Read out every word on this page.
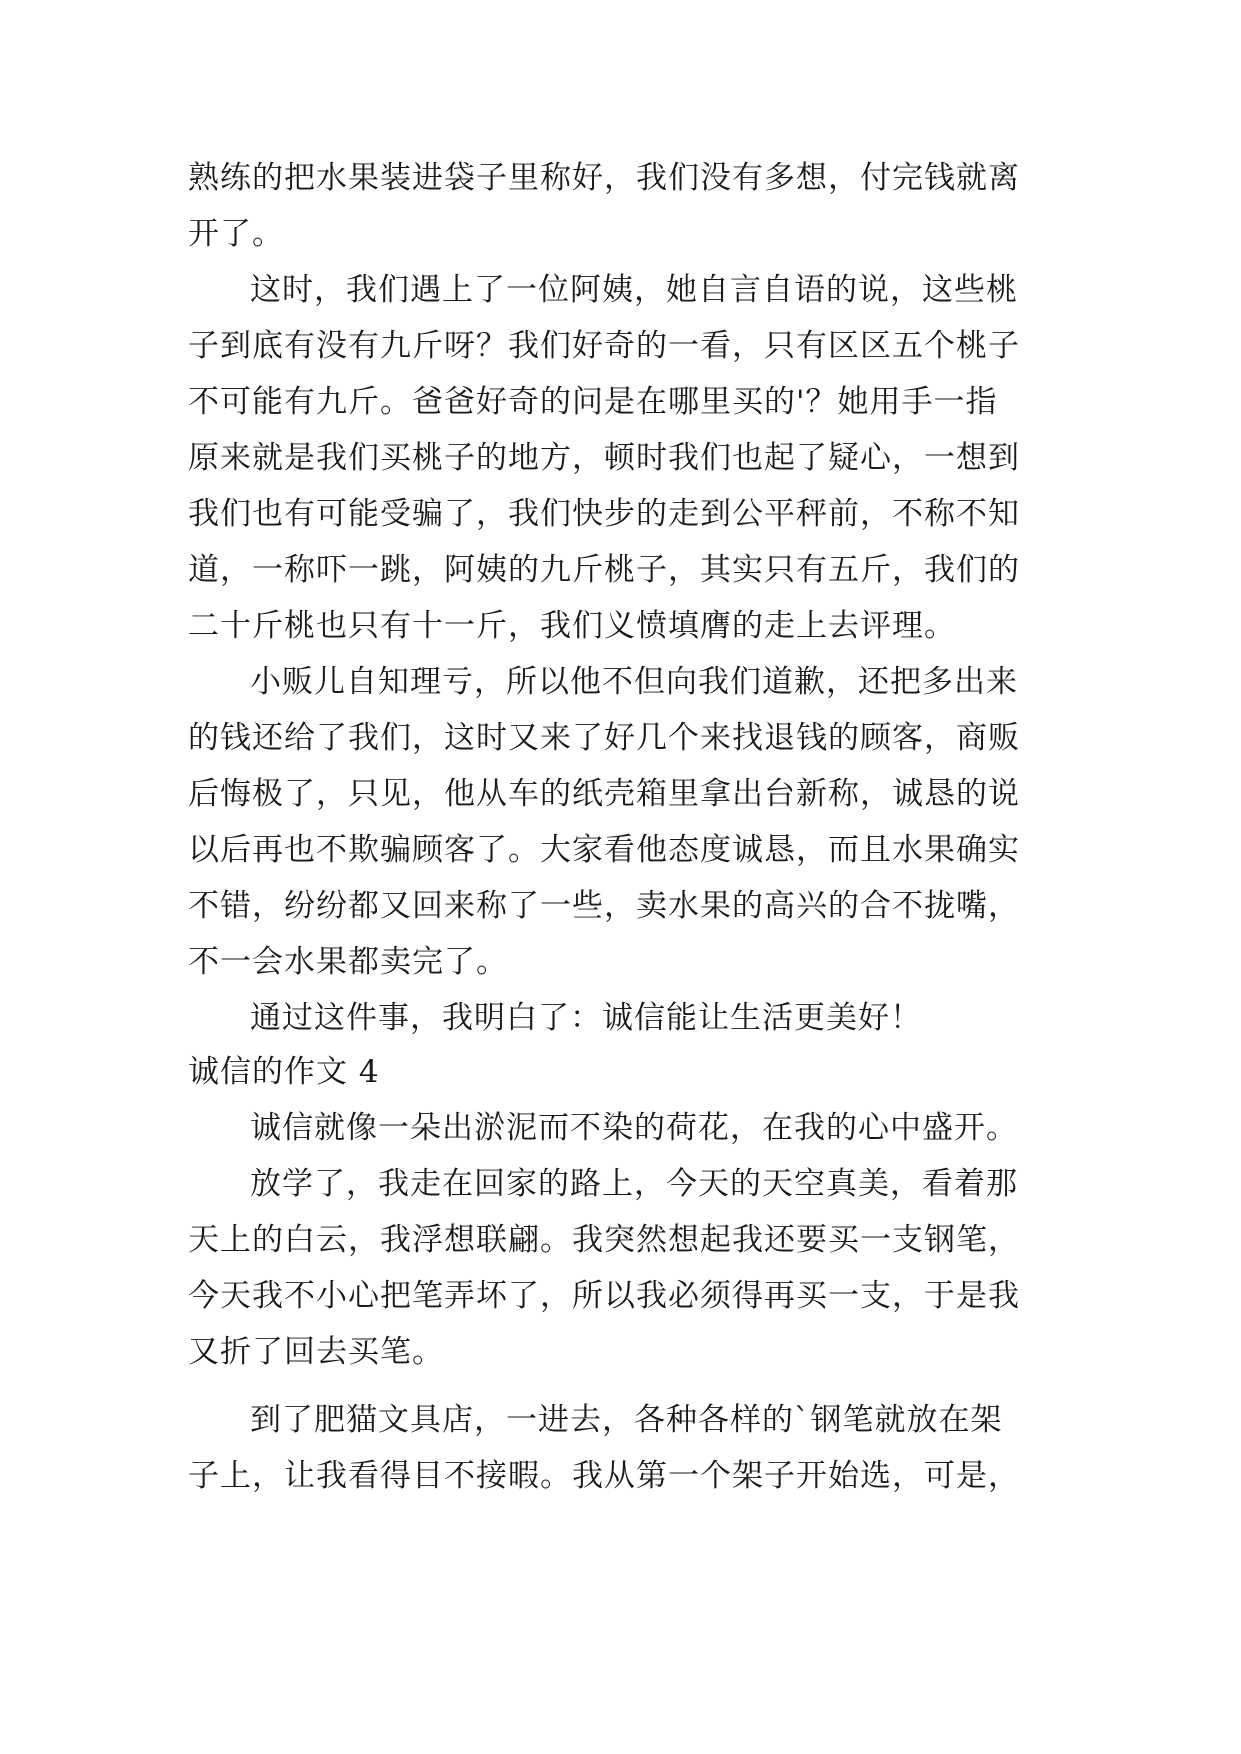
熟练的把水果装进袋子里称好，我们没有多想，付完钱就离
开了。
这时，我们遇上了一位阿姨，她自言自语的说，这些桃
子到底有没有九斤呀？我们好奇的一看，只有区区五个桃子
不可能有九斤。爸爸好奇的问是在哪里买的'？她用手一指
原来就是我们买桃子的地方，顿时我们也起了疑心，一想到
我们也有可能受骗了，我们快步的走到公平秤前，不称不知
道，一称吓一跳，阿姨的九斤桃子，其实只有五斤，我们的
二十斤桃也只有十一斤，我们义愤填膺的走上去评理。
小贩儿自知理亏，所以他不但向我们道歉，还把多出来
的钱还给了我们，这时又来了好几个来找退钱的顾客，商贩
后悔极了，只见，他从车的纸壳箱里拿出台新称，诚恳的说
以后再也不欺骗顾客了。大家看他态度诚恳，而且水果确实
不错，纷纷都又回来称了一些，卖水果的高兴的合不拢嘴，
不一会水果都卖完了。
通过这件事，我明白了：诚信能让生活更美好！
诚信的作文 4
诚信就像一朵出淤泥而不染的荷花，在我的心中盛开。
放学了，我走在回家的路上，今天的天空真美，看着那
天上的白云，我浮想联翩。我突然想起我还要买一支钢笔，
今天我不小心把笔弄坏了，所以我必须得再买一支，于是我
又折了回去买笔。
到了肥猫文具店，一进去，各种各样的`钢笔就放在架
子上，让我看得目不接暇。我从第一个架子开始选，可是，
